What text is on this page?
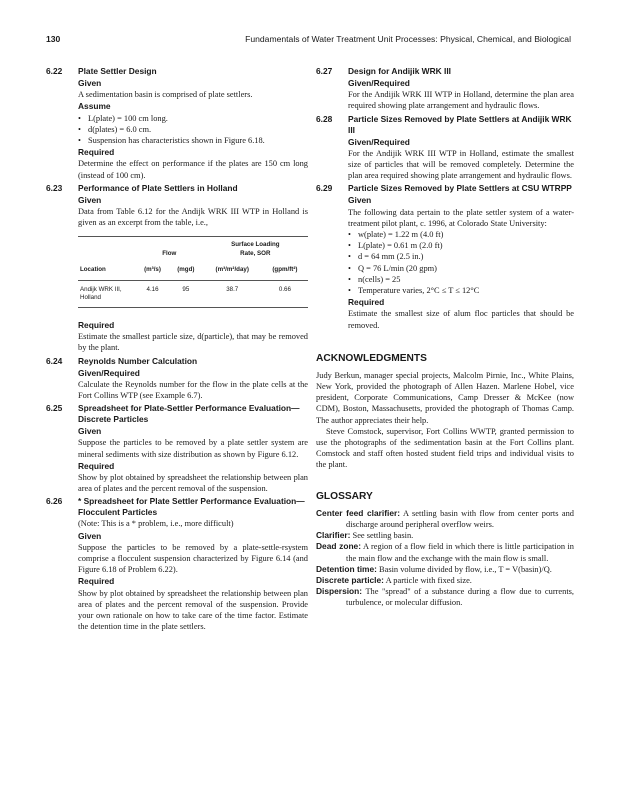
130	Fundamentals of Water Treatment Unit Processes: Physical, Chemical, and Biological
6.22	Plate Settler Design
Given
A sedimentation basin is comprised of plate settlers.
Assume
• L(plate) = 100 cm long.
• d(plates) = 6.0 cm.
• Suspension has characteristics shown in Figure 6.18.
Required
Determine the effect on performance if the plates are 150 cm long (instead of 100 cm).
6.23	Performance of Plate Settlers in Holland
Given
Data from Table 6.12 for the Andijk WRK III WTP in Holland is given as an excerpt from the table, i.e.,
	Flow		Surface Loading
Rate, SOR	
Location	(m³/s)	(mgd)	(m³/m²/day)	(gpm/ft²)
Andijk WRK III, Holland	4.16	95	38.7	0.66
Required
Estimate the smallest particle size, d(particle), that may be removed by the plant.
6.24	Reynolds Number Calculation
Given/Required
Calculate the Reynolds number for the flow in the plate cells at the Fort Collins WTP (see Example 6.7).
6.25	Spreadsheet for Plate-Settler Performance Evaluation—Discrete Particles
Given
Suppose the particles to be removed by a plate settler system are mineral sediments with size distribution as shown by Figure 6.12.
Required
Show by plot obtained by spreadsheet the relationship between plan area of plates and the percent removal of the suspension.
6.26	* Spreadsheet for Plate Settler Performance Evaluation—Flocculent Particles
(Note: This is a * problem, i.e., more difficult)
Given
Suppose the particles to be removed by a plate-settle-rsystem comprise a flocculent suspension characterized by Figure 6.14 (and Figure 6.18 of Problem 6.22).
Required
Show by plot obtained by spreadsheet the relationship between plan area of plates and the percent removal of the suspension. Provide your own rationale on how to take care of the time factor. Estimate the detention time in the plate settlers.
6.27	Design for Andijik WRK III
Given/Required
For the Andijik WRK III WTP in Holland, determine the plan area required showing plate arrangement and hydraulic flows.
6.28	Particle Sizes Removed by Plate Settlers at Andijik WRK III
Given/Required
For the Andijik WRK III WTP in Holland, estimate the smallest size of particles that will be removed completely. Determine the plan area required showing plate arrangement and hydraulic flows.
6.29	Particle Sizes Removed by Plate Settlers at CSU WTRPP
Given
The following data pertain to the plate settler system of a water-treatment pilot plant, c. 1996, at Colorado State University:
• w(plate) = 1.22 m (4.0 ft)
• L(plate) = 0.61 m (2.0 ft)
• d = 64 mm (2.5 in.)
• Q = 76 L/min (20 gpm)
• n(cells) = 25
• Temperature varies, 2°C ≤ T ≤ 12°C
Required
Estimate the smallest size of alum floc particles that should be removed.
ACKNOWLEDGMENTS
Judy Berkun, manager special projects, Malcolm Pirnie, Inc., White Plains, New York, provided the photograph of Allen Hazen. Marlene Hobel, vice president, Corporate Communications, Camp Dresser & McKee (now CDM), Boston, Massachusetts, provided the photograph of Thomas Camp. The author appreciates their help.
Steve Comstock, supervisor, Fort Collins WWTP, granted permission to use the photographs of the sedimentation basin at the Fort Collins plant. Comstock and staff often hosted student field trips and individual visits to the plant.
GLOSSARY
Center feed clarifier: A settling basin with flow from center ports and discharge around peripheral overflow weirs.
Clarifier: See settling basin.
Dead zone: A region of a flow field in which there is little participation in the main flow and the exchange with the main flow is small.
Detention time: Basin volume divided by flow, i.e., T = V(basin)/Q.
Discrete particle: A particle with fixed size.
Dispersion: The "spread" of a substance during a flow due to currents, turbulence, or molecular diffusion.
